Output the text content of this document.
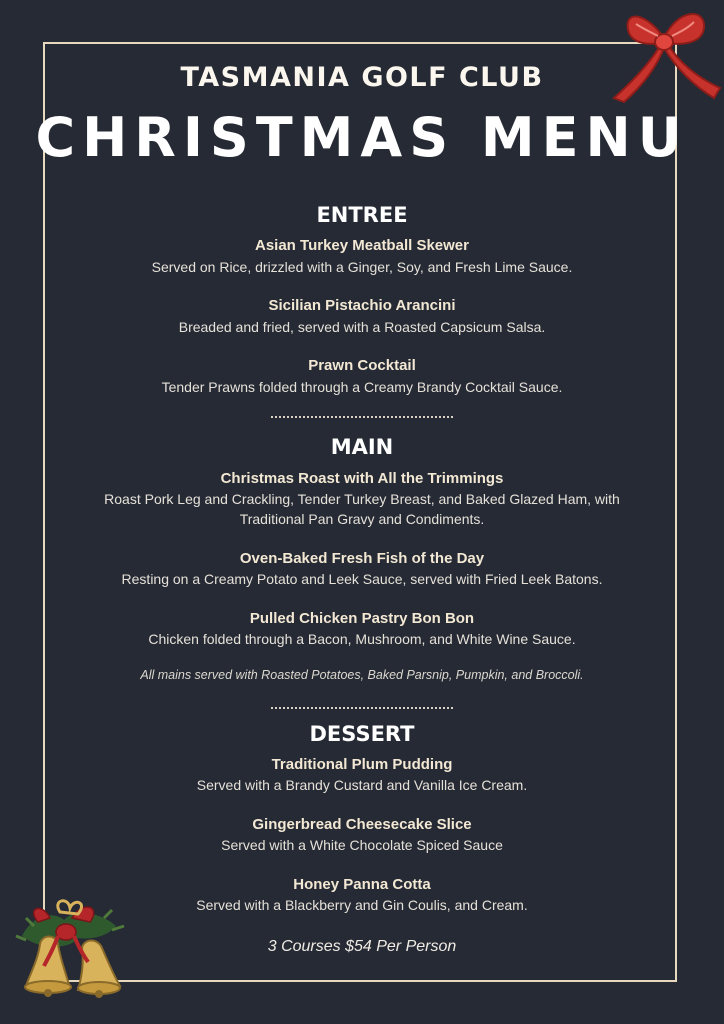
TASMANIA GOLF CLUB
CHRISTMAS MENU
ENTREE
Asian Turkey Meatball Skewer
Served on Rice, drizzled with a Ginger, Soy, and Fresh Lime Sauce.
Sicilian Pistachio Arancini
Breaded and fried, served with a Roasted Capsicum Salsa.
Prawn Cocktail
Tender Prawns folded through a Creamy Brandy Cocktail Sauce.
MAIN
Christmas Roast with All the Trimmings
Roast Pork Leg and Crackling, Tender Turkey Breast, and Baked Glazed Ham, with
Traditional Pan Gravy and Condiments.
Oven-Baked Fresh Fish of the Day
Resting on a Creamy Potato and Leek Sauce, served with Fried Leek Batons.
Pulled Chicken Pastry Bon Bon
Chicken folded through a Bacon, Mushroom, and White Wine Sauce.
All mains served with Roasted Potatoes, Baked Parsnip, Pumpkin, and Broccoli.
DESSERT
Traditional Plum Pudding
Served with a Brandy Custard and Vanilla Ice Cream.
Gingerbread Cheesecake Slice
Served with a White Chocolate Spiced Sauce
Honey Panna Cotta
Served with a Blackberry and Gin Coulis, and Cream.
3 Courses $54 Per Person
